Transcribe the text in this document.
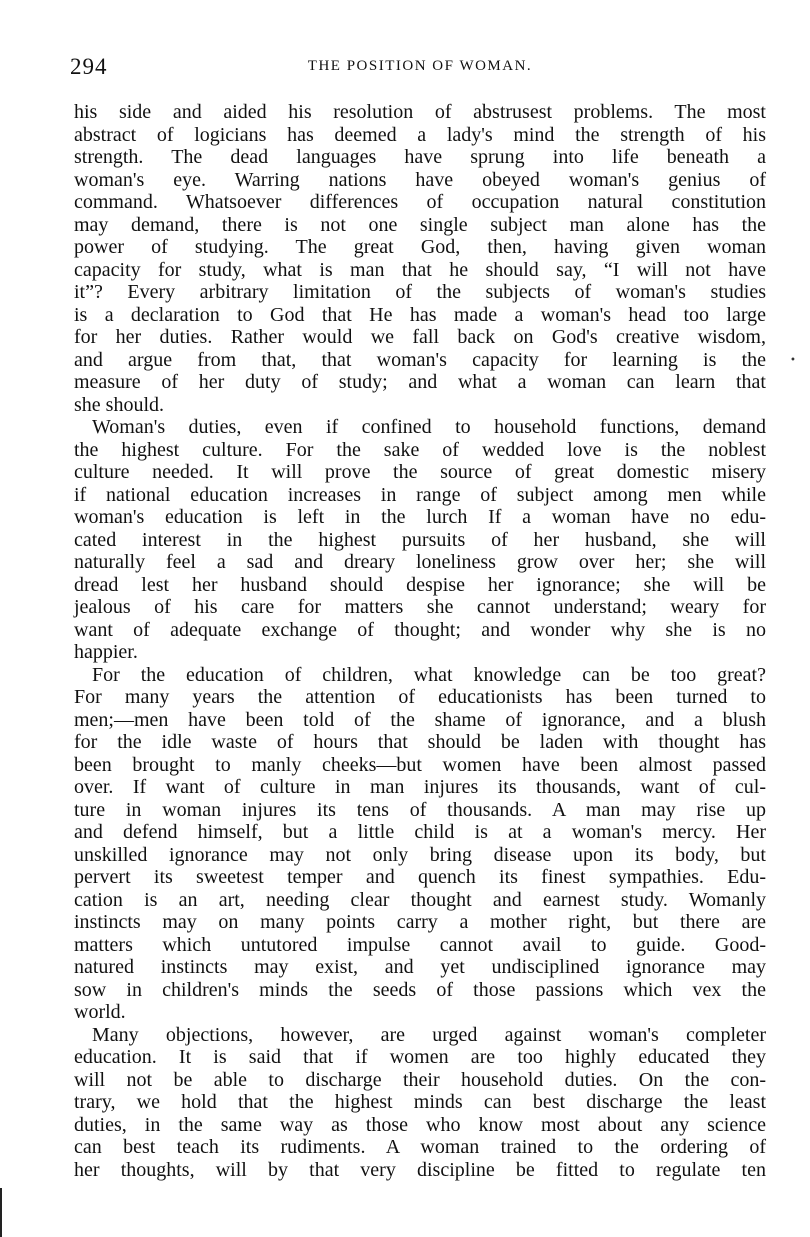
294	THE POSITION OF WOMAN.

his side and aided his resolution of abstrusest problems. The most
abstract of logicians has deemed a lady's mind the strength of his
strength. The dead languages have sprung into life beneath a
woman's eye. Warring nations have obeyed woman's genius of
command. Whatsoever differences of occupation natural constitution
may demand, there is not one single subject man alone has the
power of studying. The great God, then, having given woman
capacity for study, what is man that he should say, “I will not have
it”? Every arbitrary limitation of the subjects of woman's studies
is a declaration to God that He has made a woman's head too large
for her duties. Rather would we fall back on God's creative wisdom,
and argue from that, that woman's capacity for learning is the
measure of her duty of study; and what a woman can learn that
she should.

Woman's duties, even if confined to household functions, demand
the highest culture. For the sake of wedded love is the noblest
culture needed. It will prove the source of great domestic misery
if national education increases in range of subject among men while
woman's education is left in the lurch If a woman have no edu-
cated interest in the highest pursuits of her husband, she will
naturally feel a sad and dreary loneliness grow over her; she will
dread lest her husband should despise her ignorance; she will be
jealous of his care for matters she cannot understand; weary for
want of adequate exchange of thought; and wonder why she is no
happier.

For the education of children, what knowledge can be too great?
For many years the attention of educationists has been turned to
men;—men have been told of the shame of ignorance, and a blush
for the idle waste of hours that should be laden with thought has
been brought to manly cheeks—but women have been almost passed
over. If want of culture in man injures its thousands, want of cul-
ture in woman injures its tens of thousands. A man may rise up
and defend himself, but a little child is at a woman's mercy. Her
unskilled ignorance may not only bring disease upon its body, but
pervert its sweetest temper and quench its finest sympathies. Edu-
cation is an art, needing clear thought and earnest study. Womanly
instincts may on many points carry a mother right, but there are
matters which untutored impulse cannot avail to guide. Good-
natured instincts may exist, and yet undisciplined ignorance may
sow in children's minds the seeds of those passions which vex the
world.

Many objections, however, are urged against woman's completer
education. It is said that if women are too highly educated they
will not be able to discharge their household duties. On the con-
trary, we hold that the highest minds can best discharge the least
duties, in the same way as those who know most about any science
can best teach its rudiments. A woman trained to the ordering of
her thoughts, will by that very discipline be fitted to regulate ten

•
